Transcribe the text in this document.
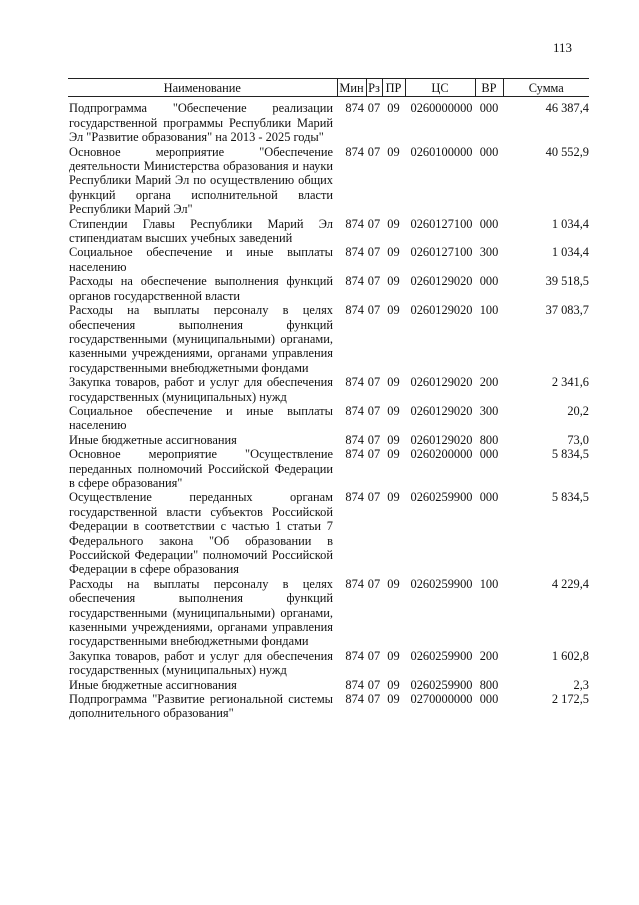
113
Наименование	Мин	Рз	ПР	ЦС	ВР	Сумма
Подпрограмма "Обеспечение реализации государственной программы Республики Марий Эл "Развитие образования" на 2013 - 2025 годы"	874	07	09	0260000000	000	46 387,4
Основное мероприятие "Обеспечение деятельности Министерства образования и науки Республики Марий Эл по осуществлению общих функций органа исполнительной власти Республики Марий Эл"	874	07	09	0260100000	000	40 552,9
Стипендии Главы Республики Марий Эл стипендиатам высших учебных заведений	874	07	09	0260127100	000	1 034,4
Социальное обеспечение и иные выплаты населению	874	07	09	0260127100	300	1 034,4
Расходы на обеспечение выполнения функций органов государственной власти	874	07	09	0260129020	000	39 518,5
Расходы на выплаты персоналу в целях обеспечения выполнения функций государственными (муниципальными) органами, казенными учреждениями, органами управления государственными внебюджетными фондами	874	07	09	0260129020	100	37 083,7
Закупка товаров, работ и услуг для обеспечения государственных (муниципальных) нужд	874	07	09	0260129020	200	2 341,6
Социальное обеспечение и иные выплаты населению	874	07	09	0260129020	300	20,2
Иные бюджетные ассигнования	874	07	09	0260129020	800	73,0
Основное мероприятие "Осуществление переданных полномочий Российской Федерации в сфере образования"	874	07	09	0260200000	000	5 834,5
Осуществление переданных органам государственной власти субъектов Российской Федерации в соответствии с частью 1 статьи 7 Федерального закона "Об образовании в Российской Федерации" полномочий Российской Федерации в сфере образования	874	07	09	0260259900	000	5 834,5
Расходы на выплаты персоналу в целях обеспечения выполнения функций государственными (муниципальными) органами, казенными учреждениями, органами управления государственными внебюджетными фондами	874	07	09	0260259900	100	4 229,4
Закупка товаров, работ и услуг для обеспечения государственных (муниципальных) нужд	874	07	09	0260259900	200	1 602,8
Иные бюджетные ассигнования	874	07	09	0260259900	800	2,3
Подпрограмма "Развитие региональной системы дополнительного образования"	874	07	09	0270000000	000	2 172,5
